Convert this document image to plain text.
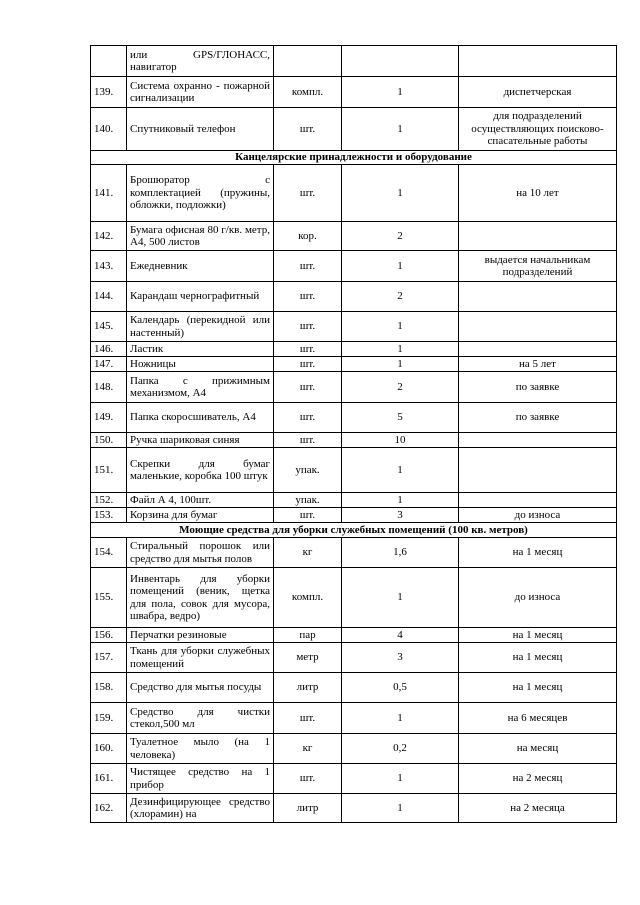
	или GPS/ГЛОНАСС, навигатор			
139.	Система охранно - пожарной сигнализации	компл.	1	диспетчерская
140.	Спутниковый телефон	шт.	1	для подразделений осуществляющих поисково-спасательные работы
Канцелярские принадлежности и оборудование				
141.	Брошюратор с комплектацией (пружины, обложки, подложки)	шт.	1	на 10 лет
142.	Бумага офисная 80 г/кв. метр, А4, 500 листов	кор.	2	
143.	Ежедневник	шт.	1	выдается начальникам подразделений
144.	Карандаш чернографитный	шт.	2	
145.	Календарь (перекидной или настенный)	шт.	1	
146.	Ластик	шт.	1	
147.	Ножницы	шт.	1	на 5 лет
148.	Папка с прижимным механизмом, А4	шт.	2	по заявке
149.	Папка скоросшиватель, А4	шт.	5	по заявке
150.	Ручка шариковая синяя	шт.	10	
151.	Скрепки для бумаг маленькие, коробка 100 штук	упак.	1	
152.	Файл А 4, 100шт.	упак.	1	
153.	Корзина для бумаг	шт.	3	до износа
Моющие средства для уборки служебных помещений (100 кв. метров)				
154.	Стиральный порошок или средство для мытья полов	кг	1,6	на 1 месяц
155.	Инвентарь для уборки помещений (веник, щетка для пола, совок для мусора, швабра, ведро)	компл.	1	до износа
156.	Перчатки резиновые	пар	4	на 1 месяц
157.	Ткань для уборки служебных помещений	метр	3	на 1 месяц
158.	Средство для мытья посуды	литр	0,5	на 1 месяц
159.	Средство для чистки стекол,500 мл	шт.	1	на 6 месяцев
160.	Туалетное мыло (на 1 человека)	кг	0,2	на месяц
161.	Чистящее средство на 1 прибор	шт.	1	на 2 месяц
162.	Дезинфицирующее средство (хлорамин) на	литр	1	на 2 месяца
